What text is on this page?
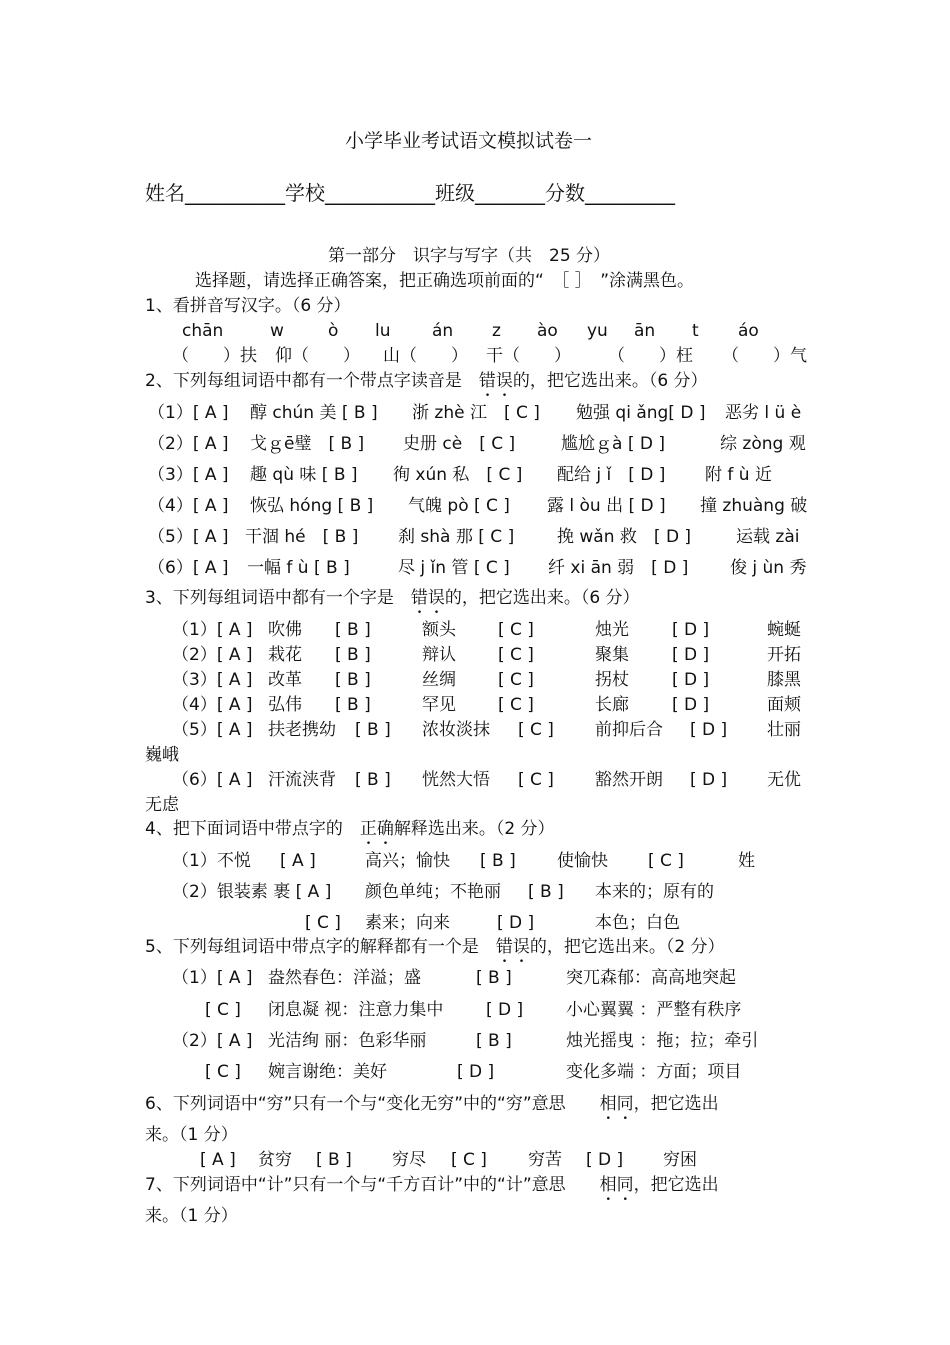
小学毕业考试语文模拟试卷一
姓名__________学校___________班级_______分数_________
第一部分　识字与写字（共　25 分）
选择题，请选择正确答案，把正确选项前面的“　［ ］　”涂满黑色。
1、看拼音写汉字。（6 分）
chān	w	ò lu án z ào yu ān t áo
（　　）扶 仰（　　） 山（　　） 干（　　） （　　）枉 （　　）气
2、下列每组词语中都有一个带点字读音是　错误的，把它选出来。（6 分）
（1）[ A ] 醇 chún 美 [ B ] 浙 zhè 江　[ C ] 勉强 qi ǎng[ D ] 恶劣 l ü è
（2）[ A ] 戈ｇē璧　[ B ] 史册 cè　[ C ]	尴尬ｇà [ D ]	综 zòng 观
（3）[ A ] 趣 qù 味 [ B ] 徇 xún 私　[ C ] 配给 j ǐ　[ D ] 附 f ù 近
（4）[ A ] 恢弘 hóng [ B ] 气魄 pò [ C ] 露 l òu 出 [ D ] 撞 zhuàng 破
（5）[ A ] 干涸 hé　[ B ] 刹 shà 那 [ C ]	挽 wǎn 救　[ D ]	运载 zài
（6）[ A ] 一幅 f ù [ B ]	尽 j ǐn 管 [ C ] 纤 xi ān 弱　[ D ] 俊 j ùn 秀
3、下列每组词语中都有一个字是　错误的，把它选出来。（6 分）
（1）[ A ] 吹佛 [ B ]	额头 [ C ]	烛光	[ D ]	蜿蜒
（2）[ A ] 栽花 [ B ]	辩认 [ C ]	聚集	[ D ]	开拓
（3）[ A ] 改革 [ B ]	丝绸 [ C ]	拐杖	[ D ]	膝黑
（4）[ A ] 弘伟 [ B ]	罕见 [ C ]	长廊	[ D ]	面颊
（5）[ A ] 扶老携幼 [ B ] 浓妆淡抹 [ C ] 前抑后合 [ D ] 壮丽
巍峨
（6）[ A ] 汗流浃背 [ B ] 恍然大悟 [ C ] 豁然开朗 [ D ] 无优
无虑
4、把下面词语中带点字的　正确解释选出来。（2 分）
（1）不悦 [ A ]	高兴；愉快 [ B ] 使愉快 [ C ]	姓
（2）银装素 裹 [ A ] 颜色单纯；不艳丽 [ B ] 本来的；原有的
[ C ] 素来；向来	[ D ]	本色；白色
5、下列每组词语中带点字的解释都有一个是　错误的，把它选出来。（2 分）
（1）[ A ] 盎然春色：洋溢；盛	[ B ]	突兀森郁：高高地突起
[ C ] 闭息凝 视：注意力集中	[ D ]	小心翼翼 ：严整有秩序
（2）[ A ] 光洁绚 丽：色彩华丽	[ B ]	烛光摇曳 ：拖；拉；牵引
[ C ] 婉言谢绝：美好	[ D ]	变化多端 ：方面；项目
6、下列词语中“穷”只有一个与“变化无穷”中的“穷”意思　　相同，把它选出
来。（1 分）
[ A ] 贫穷 [ B ] 穷尽 [ C ] 穷苦 [ D ] 穷困
7、下列词语中“计”只有一个与“千方百计”中的“计”意思　　相同，把它选出
来。（1 分）
